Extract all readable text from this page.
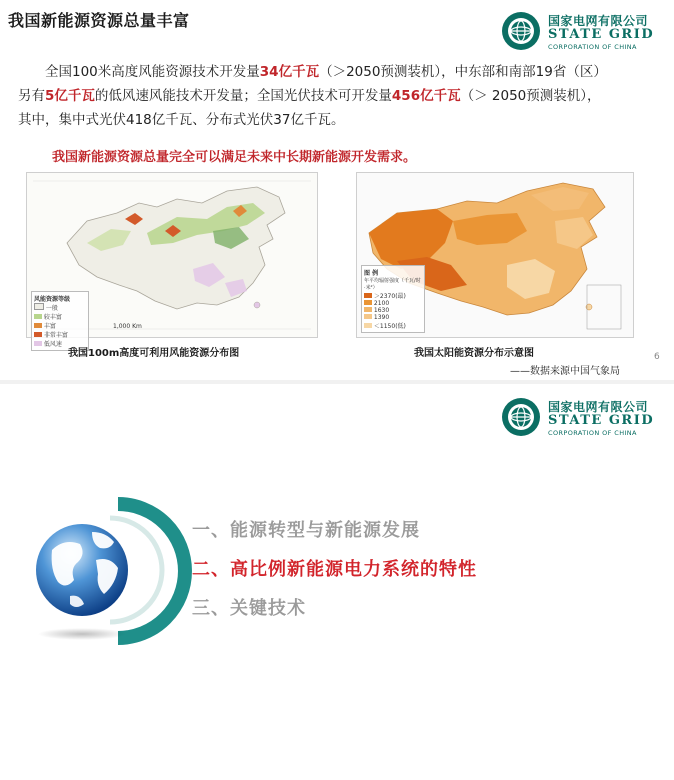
我国新能源资源总量丰富	国家电网有限公司
STATE GRID
CORPORATION OF CHINA
全国100米高度风能资源技术开发量34亿千瓦（＞2050预测装机），中东部和南部19省（区）
另有5亿千瓦的低风速风能技术开发量；全国光伏技术可开发量456亿千瓦（＞ 2050预测装机），
其中，集中式光伏418亿千瓦、分布式光伏37亿千瓦。
我国新能源资源总量完全可以满足未来中长期新能源开发需求。
风能资源等级
一般
较丰富
丰富
非常丰富
低风速
1,000 Km
图 例
年平均辐射强度（千瓦/时·米²）
＞2370(最)
2100
1630
1390
＜1150(低)
我国100m高度可利用风能资源分布图	我国太阳能资源分布示意图	6
——数据来源中国气象局
国家电网有限公司
STATE GRID
CORPORATION OF CHINA
一、能源转型与新能源发展
二、高比例新能源电力系统的特性
三、关键技术
